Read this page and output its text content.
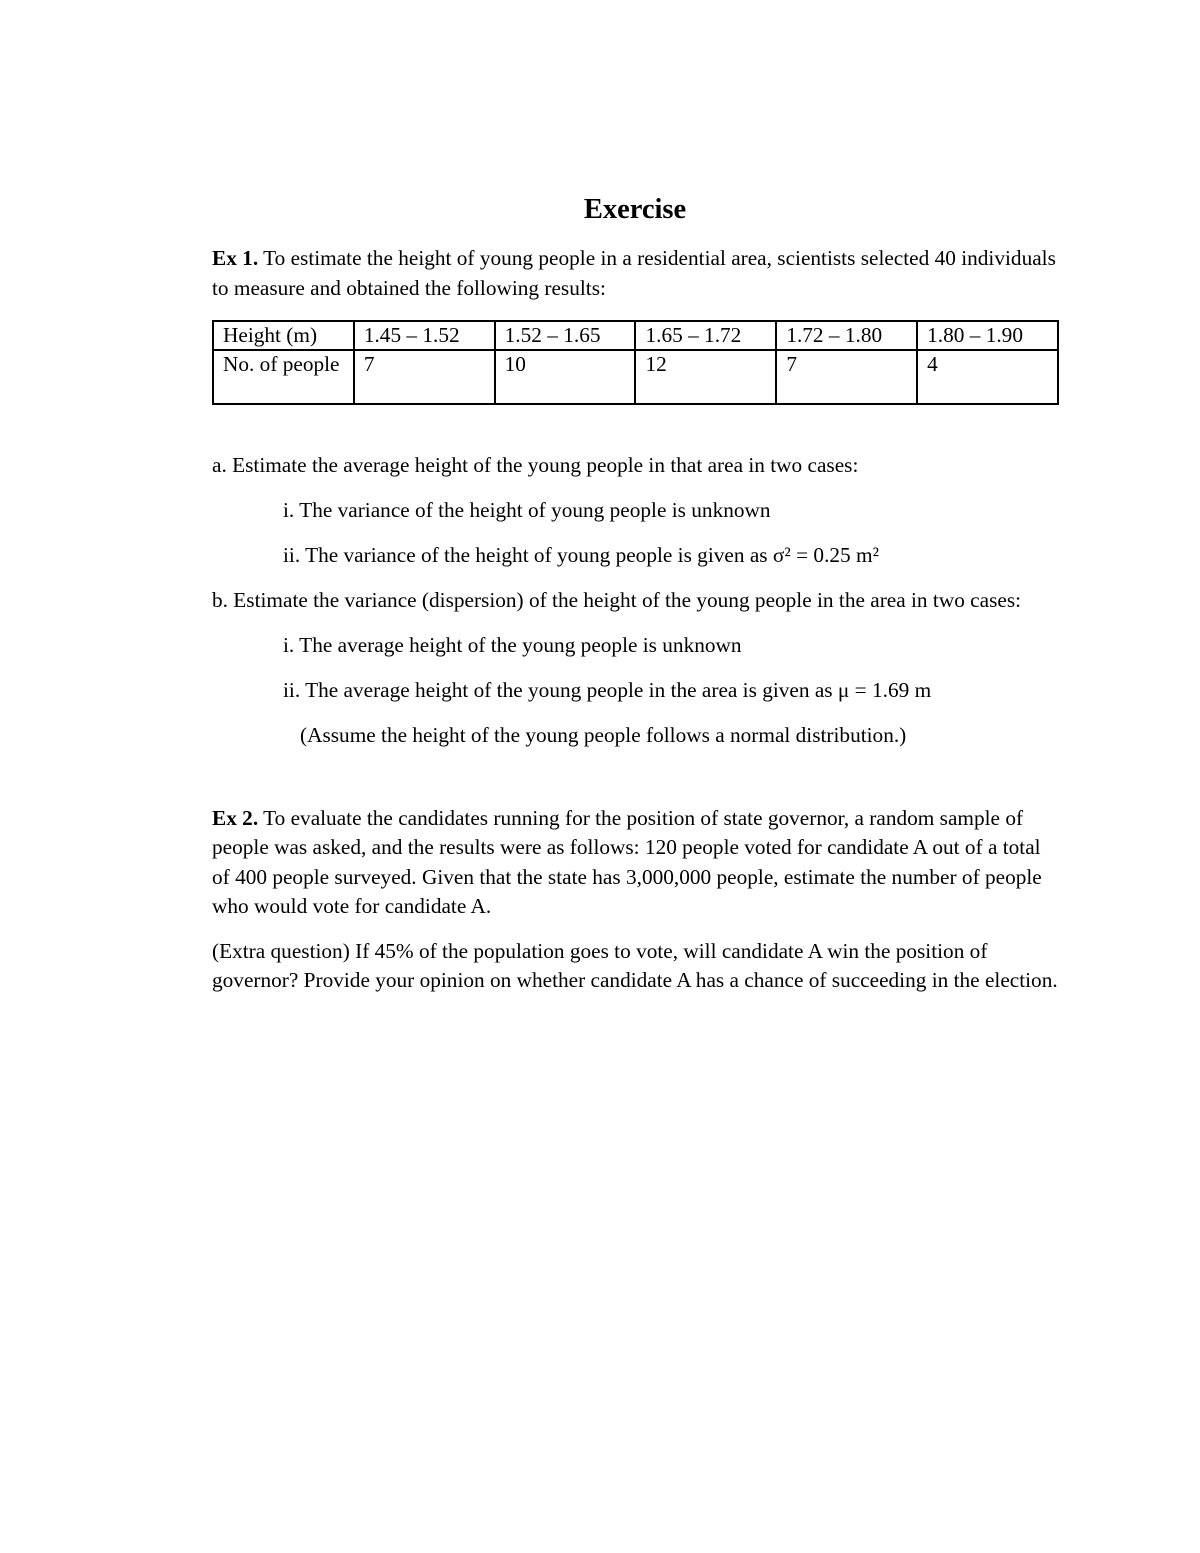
Exercise

Ex 1. To estimate the height of young people in a residential area, scientists selected 40 individuals to measure and obtained the following results:

Height (m)	1.45 – 1.52	1.52 – 1.65	1.65 – 1.72	1.72 – 1.80	1.80 – 1.90
No. of people	7	10	12	7	4

a. Estimate the average height of the young people in that area in two cases:

i. The variance of the height of young people is unknown

ii. The variance of the height of young people is given as σ² = 0.25 m²

b. Estimate the variance (dispersion) of the height of the young people in the area in two cases:

i. The average height of the young people is unknown

ii. The average height of the young people in the area is given as μ = 1.69 m

(Assume the height of the young people follows a normal distribution.)

Ex 2. To evaluate the candidates running for the position of state governor, a random sample of people was asked, and the results were as follows: 120 people voted for candidate A out of a total of 400 people surveyed. Given that the state has 3,000,000 people, estimate the number of people who would vote for candidate A.

(Extra question) If 45% of the population goes to vote, will candidate A win the position of governor? Provide your opinion on whether candidate A has a chance of succeeding in the election.
